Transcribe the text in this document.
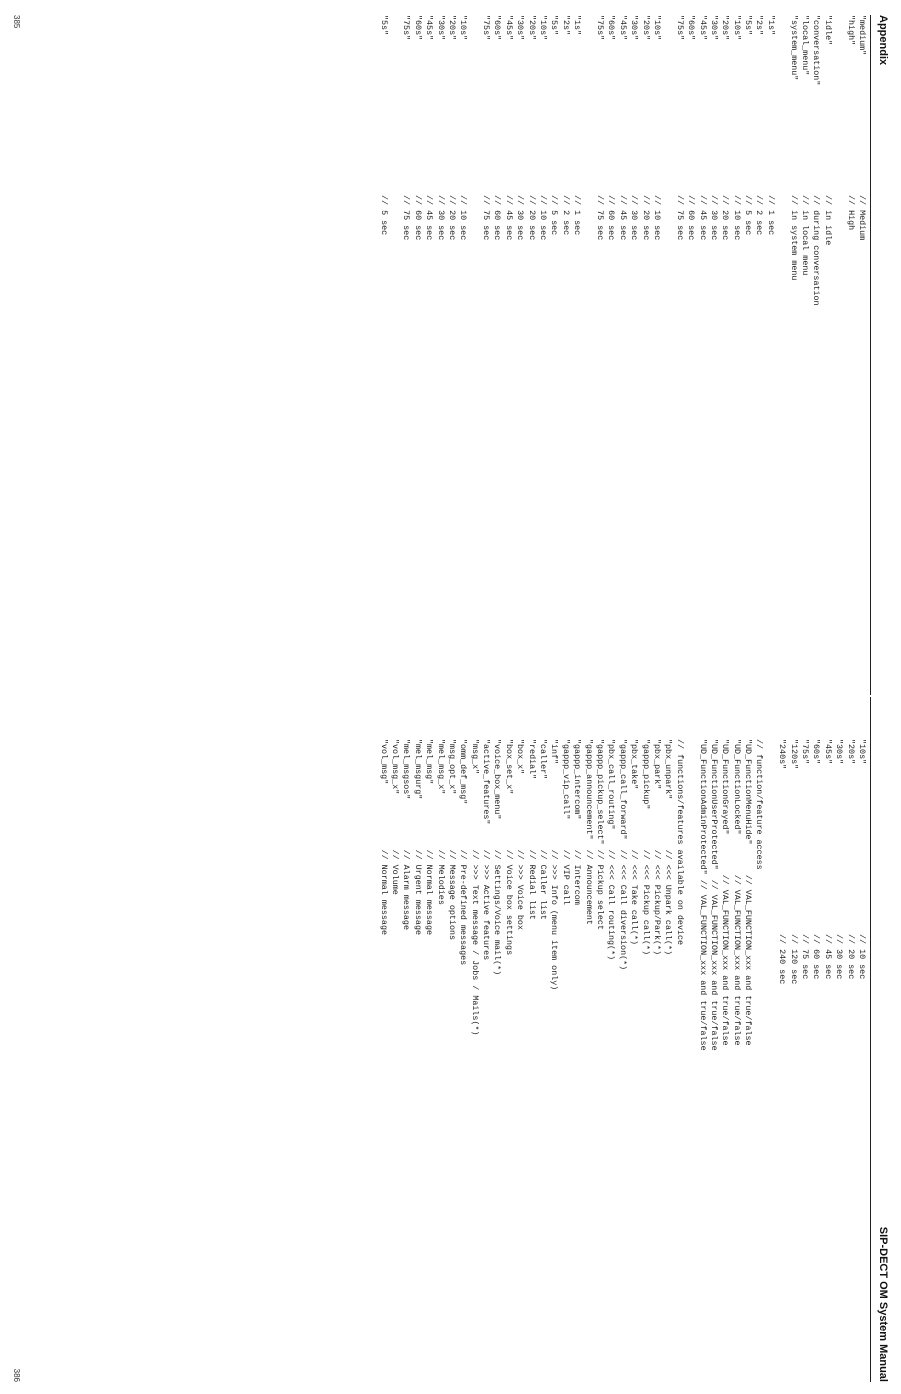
Appendix
"medium"
// Medium
"high"
// High
"idle"
// in idle
"conversation"
// during conversation
"local_menu"
// in local menu
"system_menu"
// in system menu
"1s"
// 1 sec
"2s"
// 2 sec
"5s"
// 5 sec
"10s"
// 10 sec
"20s"
// 20 sec
"30s"
// 30 sec
"45s"
// 45 sec
"60s"
// 60 sec
"75s"
// 75 sec
"10s"
// 10 sec
"20s"
// 20 sec
"30s"
// 30 sec
"45s"
// 45 sec
"60s"
// 60 sec
"75s"
// 75 sec
"1s"
// 1 sec
"2s"
// 2 sec
"5s"
// 5 sec
"10s"
// 10 sec
"20s"
// 20 sec
"30s"
// 30 sec
"45s"
// 45 sec
"60s"
// 60 sec
"75s"
// 75 sec
"10s"
// 10 sec
"20s"
// 20 sec
"30s"
// 30 sec
"45s"
// 45 sec
"60s"
// 60 sec
"75s"
// 75 sec
"5s"
// 5 sec
385
SIP-DECT OM System Manual
"10s"
// 10 sec
"20s"
// 20 sec
"30s"
// 30 sec
"45s"
// 45 sec
"60s"
// 60 sec
"75s"
// 75 sec
"120s"
// 120 sec
"240s"
// 240 sec
// function/feature access
"UD_FunctionMenuHide"      // VAL_FUNCTION_xxx and true/false
"UD_FunctionLocked"        // VAL_FUNCTION_xxx and true/false
"UD_FunctionGrayed"        // VAL_FUNCTION_xxx and true/false
"UD_FunctionUserProtected"  // VAL_FUNCTION_xxx and true/false
"UD_FunctionAdminProtected" // VAL_FUNCTION_xxx and true/false
// functions/features available on device
"pbx_unpark"          // <<< Unpark call(*)
"pbx_park"            // <<< Pickup/Park(*)
"gappp_pickup"        // <<< Pickup call(*)
"pbx_take"            // <<< Take call(*)
"gappp_call_forward"  // <<< Call diversion(*)
"pbx_call_routing"    // <<< Call routing(*)
"gappp_pickup_select" // Pickup select
"gappp_announcement"  // Announcement
"gappp_intercom"      // Intercom
"gappp_vip_call"      // VIP call
"inf"                 // >>> Info (menu item only)
"caller"              // Caller list
"redial"              // Redial list
"box_x"               // >>> Voice box
"box_set_x"           // Voice box settings
"voice_box_menu"      // Settings/Voice mail(*)
"active_features"     // >>> Active features
"msg_x"               // >>> Text message / Jobs / Mails(*)
"omm_def_msg"         // Pre-defined messages
"msg_opt_x"           // Message options
"mel_msg_x"           // Melodies
"mel_msg"             // Normal message
"mel_msgurg"          // Urgent message
"mel_msgsos"          // Alarm message
"vol_msg_x"           // Volume
"vol_msg"             // Normal message
386
